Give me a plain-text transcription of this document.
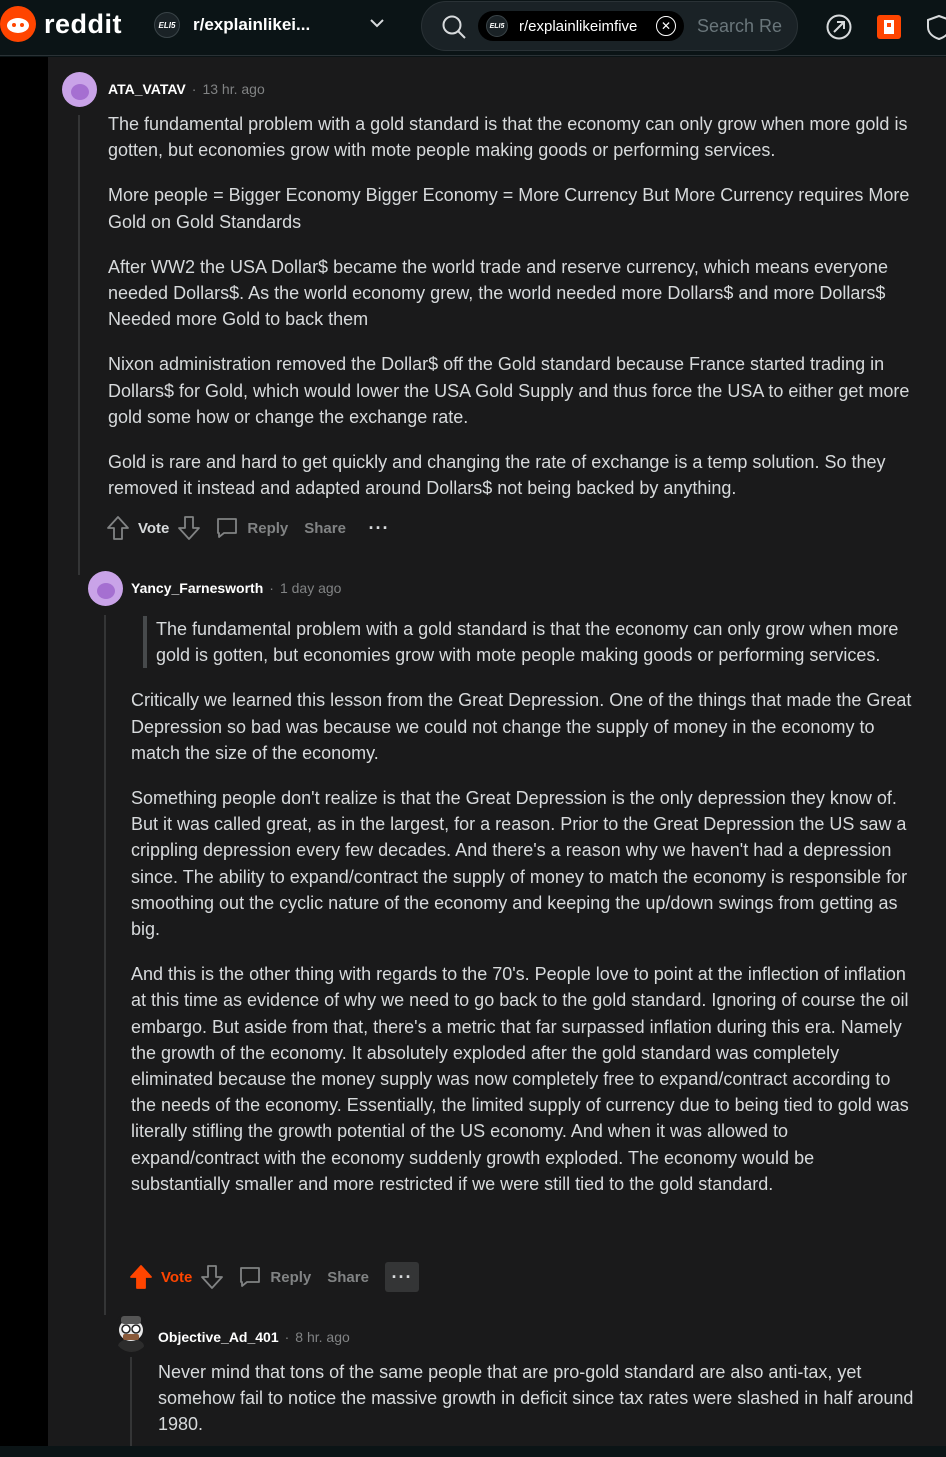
reddit	ELI5 r/explainlikei...	ELI5 r/explainlikeimfive	✕ Search Re
ATA_VATAV · 13 hr. ago

The fundamental problem with a gold standard is that the economy can only grow when more gold is gotten, but economies grow with mote people making goods or performing services.

More people = Bigger Economy Bigger Economy = More Currency But More Currency requires More Gold on Gold Standards

After WW2 the USA Dollar$ became the world trade and reserve currency, which means everyone needed Dollars$. As the world economy grew, the world needed more Dollars$ and more Dollars$ Needed more Gold to back them

Nixon administration removed the Dollar$ off the Gold standard because France started trading in Dollars$ for Gold, which would lower the USA Gold Supply and thus force the USA to either get more gold some how or change the exchange rate.

Gold is rare and hard to get quickly and changing the rate of exchange is a temp solution. So they removed it instead and adapted around Dollars$ not being backed by anything.

Vote	Reply Share	···
Yancy_Farnesworth · 1 day ago
The fundamental problem with a gold standard is that the economy can only grow when more gold is gotten, but economies grow with mote people making goods or performing services.

Critically we learned this lesson from the Great Depression. One of the things that made the Great Depression so bad was because we could not change the supply of money in the economy to match the size of the economy.

Something people don't realize is that the Great Depression is the only depression they know of. But it was called great, as in the largest, for a reason. Prior to the Great Depression the US saw a crippling depression every few decades. And there's a reason why we haven't had a depression since. The ability to expand/contract the supply of money to match the economy is responsible for smoothing out the cyclic nature of the economy and keeping the up/down swings from getting as big.

And this is the other thing with regards to the 70's. People love to point at the inflection of inflation at this time as evidence of why we need to go back to the gold standard. Ignoring of course the oil embargo. But aside from that, there's a metric that far surpassed inflation during this era. Namely the growth of the economy. It absolutely exploded after the gold standard was completely eliminated because the money supply was now completely free to expand/contract according to the needs of the economy. Essentially, the limited supply of currency due to being tied to gold was literally stifling the growth potential of the US economy. And when it was allowed to expand/contract with the economy suddenly growth exploded. The economy would be substantially smaller and more restricted if we were still tied to the gold standard.

Vote	Reply Share	···
Objective_Ad_401 · 8 hr. ago

Never mind that tons of the same people that are pro-gold standard are also anti-tax, yet somehow fail to notice the massive growth in deficit since tax rates were slashed in half around 1980.
